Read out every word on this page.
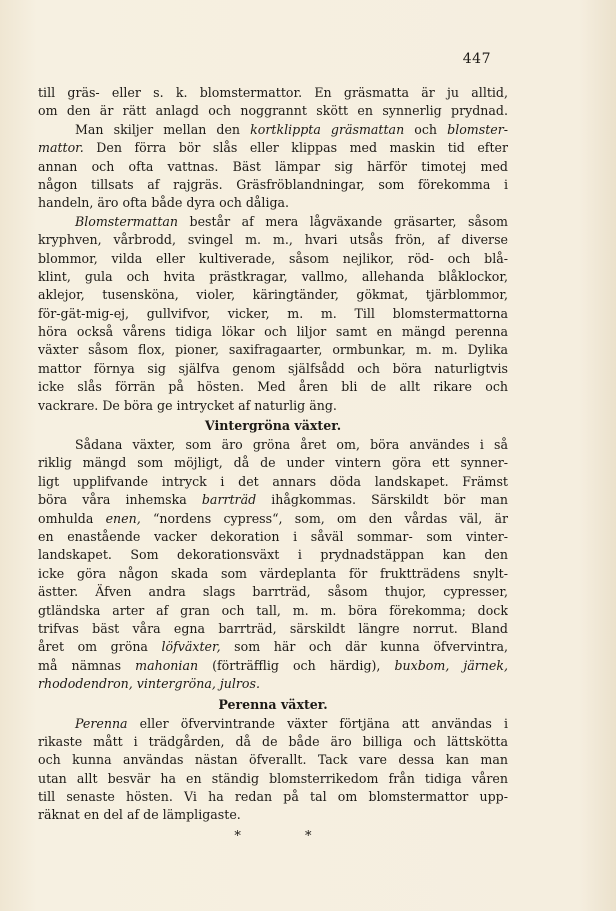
447
till gräs- eller s. k. blomstermattor. En gräsmatta är ju alltid,
om den är rätt anlagd och noggrannt skött en synnerlig prydnad.
Man skiljer mellan den kortklippta gräsmattan och blomster-
mattor. Den förra bör slås eller klippas med maskin tid efter
annan och ofta vattnas. Bäst lämpar sig härför timotej med
någon tillsats af rajgräs. Gräsfröblandningar, som förekomma i
handeln, äro ofta både dyra och dåliga.
Blomstermattan består af mera lågväxande gräsarter, såsom
kryphven, vårbrodd, svingel m. m., hvari utsås frön, af diverse
blommor, vilda eller kultiverade, såsom nejlikor, röd- och blå-
klint, gula och hvita prästkragar, vallmo, allehanda blåklockor,
aklejor, tusensköna, violer, käringtänder, gökmat, tjärblommor,
för-gät-mig-ej, gullvifvor, vicker, m. m. Till blomstermattorna
höra också vårens tidiga lökar och liljor samt en mängd perenna
växter såsom flox, pioner, saxifragaarter, ormbunkar, m. m. Dylika
mattor förnya sig själfva genom själfsådd och böra naturligtvis
icke slås förrän på hösten. Med åren bli de allt rikare och
vackrare. De böra ge intrycket af naturlig äng.
Vintergröna växter.
Sådana växter, som äro gröna året om, böra användes i så
riklig mängd som möjligt, då de under vintern göra ett synner-
ligt upplifvande intryck i det annars döda landskapet. Främst
böra våra inhemska barrträd ihågkommas. Särskildt bör man
omhulda enen, “nordens cypress“, som, om den vårdas väl, är
en enastående vacker dekoration i såväl sommar- som vinter-
landskapet. Som dekorationsväxt i prydnadstäppan kan den
icke göra någon skada som värdeplanta för fruktträdens snylt-
ästter. Äfven andra slags barrträd, såsom thujor, cypresser,
gtländska arter af gran och tall, m. m. böra förekomma; dock
trifvas bäst våra egna barrträd, särskildt längre norrut. Bland
året om gröna löfväxter, som här och där kunna öfvervintra,
må nämnas mahonian (förträfflig och härdig), buxbom, järnek,
rhododendron, vintergröna, julros.
Perenna växter.
Perenna eller öfvervintrande växter förtjäna att användas i
rikaste mått i trädgården, då de både äro billiga och lättskötta
och kunna användas nästan öfverallt. Tack vare dessa kan man
utan allt besvär ha en ständig blomsterrikedom från tidiga våren
till senaste hösten. Vi ha redan på tal om blomstermattor upp-
räknat en del af de lämpligaste.
* *
